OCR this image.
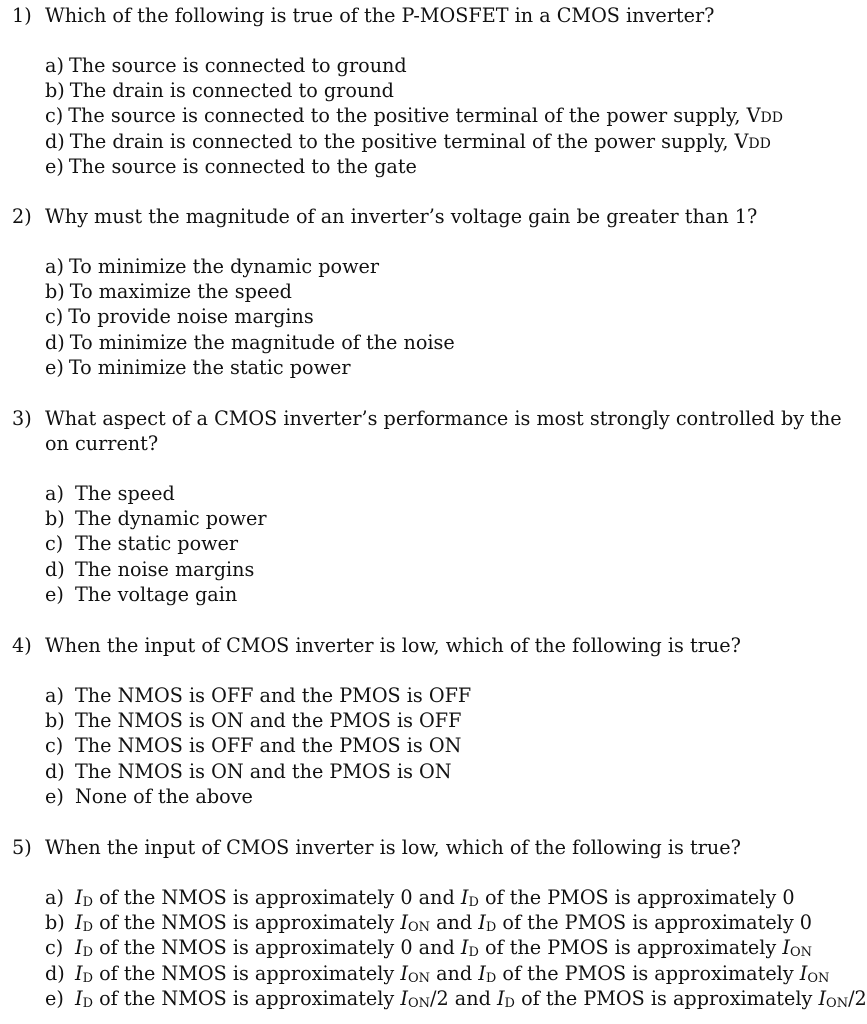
1) Which of the following is true of the P-MOSFET in a CMOS inverter?
a) The source is connected to ground
b) The drain is connected to ground
c) The source is connected to the positive terminal of the power supply, VDD
d) The drain is connected to the positive terminal of the power supply, VDD
e) The source is connected to the gate
2) Why must the magnitude of an inverter’s voltage gain be greater than 1?
a) To minimize the dynamic power
b) To maximize the speed
c) To provide noise margins
d) To minimize the magnitude of the noise
e) To minimize the static power
3) What aspect of a CMOS inverter’s performance is most strongly controlled by the on current?
a) The speed
b) The dynamic power
c) The static power
d) The noise margins
e) The voltage gain
4) When the input of CMOS inverter is low, which of the following is true?
a) The NMOS is OFF and the PMOS is OFF
b) The NMOS is ON and the PMOS is OFF
c) The NMOS is OFF and the PMOS is ON
d) The NMOS is ON and the PMOS is ON
e) None of the above
5) When the input of CMOS inverter is low, which of the following is true?
a) $I_D$ of the NMOS is approximately 0 and $I_D$ of the PMOS is approximately 0
b) $I_D$ of the NMOS is approximately $I_{ON}$ and $I_D$ of the PMOS is approximately 0
c) $I_D$ of the NMOS is approximately 0 and $I_D$ of the PMOS is approximately $I_{ON}$
d) $I_D$ of the NMOS is approximately $I_{ON}$ and $I_D$ of the PMOS is approximately $I_{ON}$
e) $I_D$ of the NMOS is approximately $I_{ON}/2$ and $I_D$ of the PMOS is approximately $I_{ON}/2$
